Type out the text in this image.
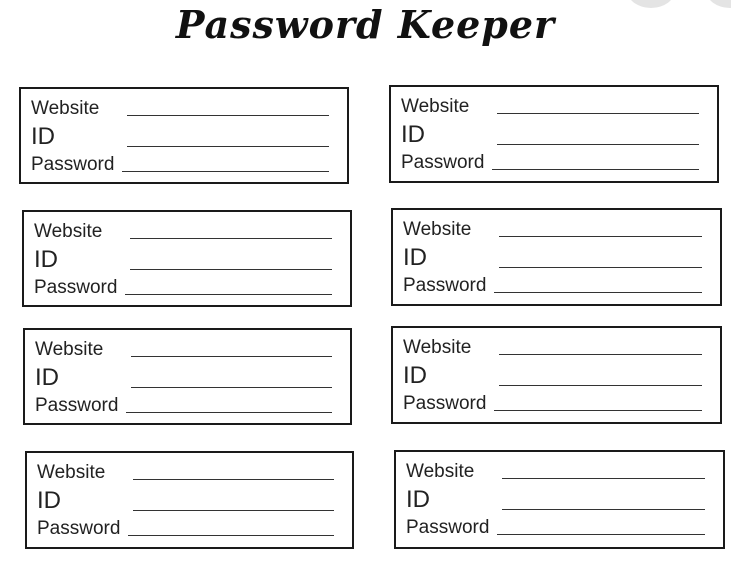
Password Keeper
Website
ID
Password
Website
ID
Password
Website
ID
Password
Website
ID
Password
Website
ID
Password
Website
ID
Password
Website
ID
Password
Website
ID
Password
